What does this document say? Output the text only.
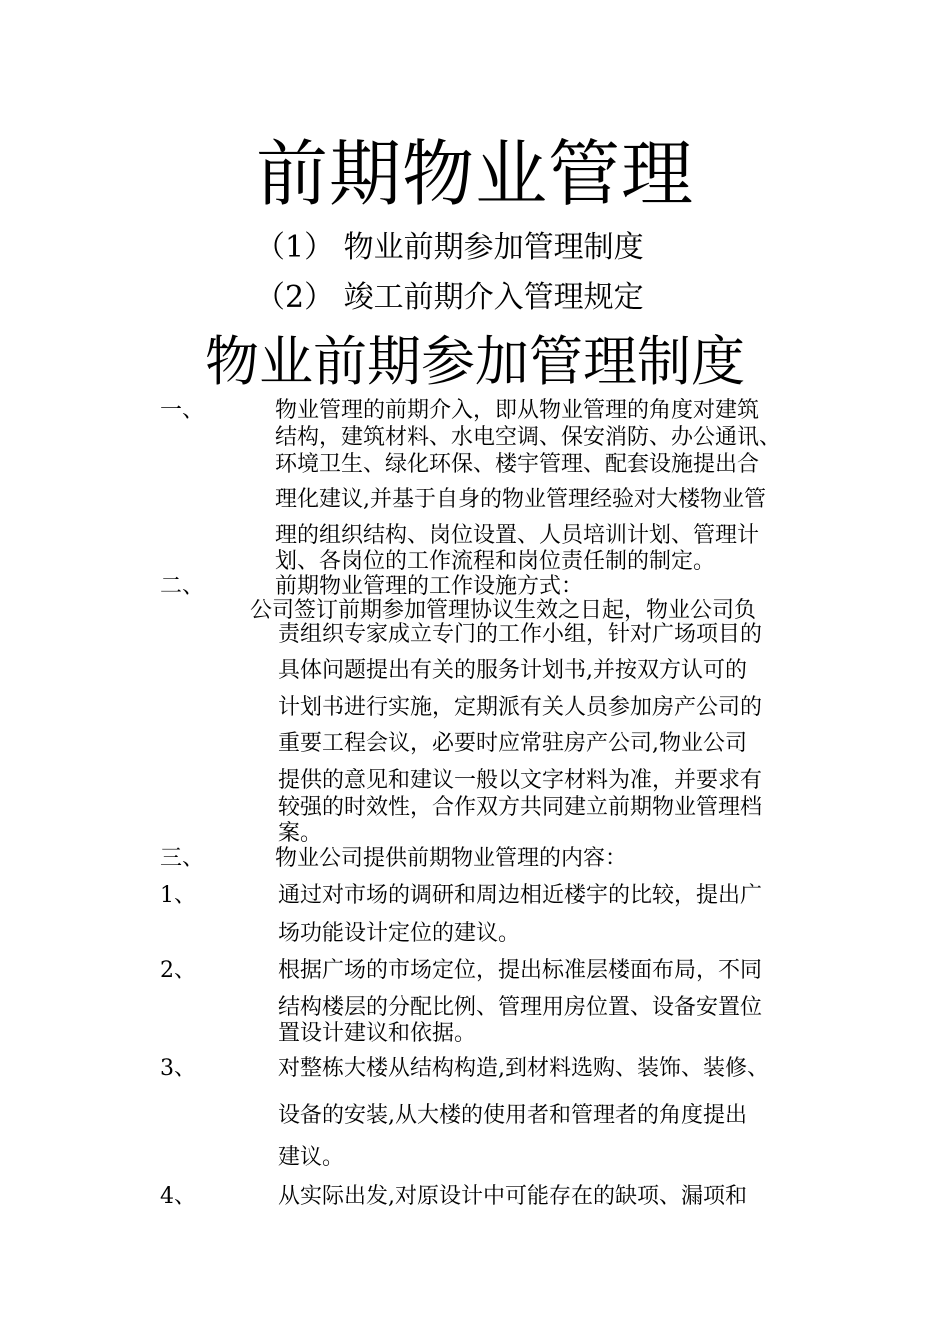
前期物业管理
（1） 物业前期参加管理制度
（2） 竣工前期介入管理规定
物业前期参加管理制度
一、	物业管理的前期介入，即从物业管理的角度对建筑
结构，建筑材料、水电空调、保安消防、办公通讯、
环境卫生、绿化环保、楼宇管理、配套设施提出合
理化建议,并基于自身的物业管理经验对大楼物业管
理的组织结构、岗位设置、人员培训计划、管理计
划、各岗位的工作流程和岗位责任制的制定。
二、	前期物业管理的工作设施方式：
公司签订前期参加管理协议生效之日起，物业公司负
责组织专家成立专门的工作小组，针对广场项目的
具体问题提出有关的服务计划书,并按双方认可的
计划书进行实施，定期派有关人员参加房产公司的
重要工程会议，必要时应常驻房产公司,物业公司
提供的意见和建议一般以文字材料为准，并要求有
较强的时效性，合作双方共同建立前期物业管理档
案。
三、	物业公司提供前期物业管理的内容：
1、	通过对市场的调研和周边相近楼宇的比较，提出广
场功能设计定位的建议。
2、	根据广场的市场定位，提出标准层楼面布局，不同
结构楼层的分配比例、管理用房位置、设备安置位
置设计建议和依据。
3、	对整栋大楼从结构构造,到材料选购、装饰、装修、
设备的安装,从大楼的使用者和管理者的角度提出
建议。
4、	从实际出发,对原设计中可能存在的缺项、漏项和
